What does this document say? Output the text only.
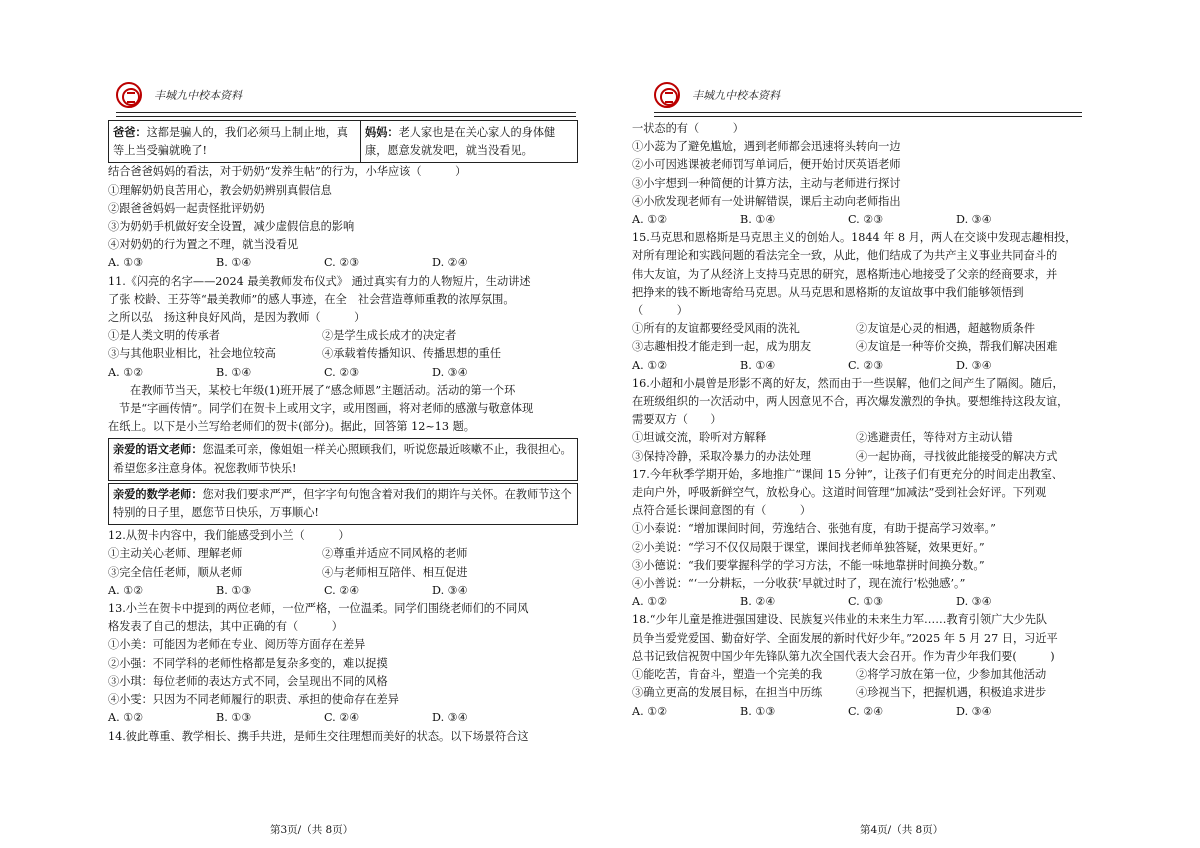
丰城九中校本资料
爸爸：这都是骗人的，我们必须马上制止地，真等上当受骗就晚了!
妈妈：老人家也是在关心家人的身体健康，愿意发就发吧，就当没看见。

结合爸爸妈妈的看法，对于奶奶“发养生帖”的行为，小华应该（　　　）

①理解奶奶良苦用心，教会奶奶辨别真假信息

②跟爸爸妈妈一起责怪批评奶奶

③为奶奶手机做好安全设置，减少虚假信息的影响

④对奶奶的行为置之不理，就当没看见

A. ①③	B. ①④	C. ②③	D. ②④

11.《闪亮的名字——2024 最美教师发布仪式》 通过真实有力的人物短片，生动讲述

了张 校龄、王芬等“最美教师”的感人事迹，在全　社会营造尊师重教的浓厚氛围。

之所以弘　扬这种良好风尚，是因为教师（　　　）

①是人类文明的传承者	②是学生成长成才的决定者

③与其他职业相比，社会地位较高	④承载着传播知识、传播思想的重任

A. ①②	B. ①④	C. ②③	D. ③④

在教师节当天，某校七年级(1)班开展了“感念师恩”主题活动。活动的第一个环

节是“字画传情”。同学们在贺卡上或用文字，或用图画，将对老师的感激与敬意体现

在纸上。以下是小兰写给老师们的贺卡(部分)。据此，回答第 12~13 题。

亲爱的语文老师：您温柔可亲，像姐姐一样关心照顾我们，听说您最近咳嗽不止，我很担心。希望您多注意身体。祝您教师节快乐!
亲爱的数学老师：您对我们要求严严，但字字句句饱含着对我们的期许与关怀。在教师节这个特别的日子里，愿您节日快乐，万事顺心!

12.从贺卡内容中，我们能感受到小兰（　　　）

①主动关心老师、理解老师	②尊重并适应不同风格的老师

③完全信任老师，顺从老师	④与老师相互陪伴、相互促进

A. ①②	B. ①③	C. ②④	D. ③④

13.小兰在贺卡中提到的两位老师，一位严格，一位温柔。同学们围绕老师们的不同风

格发表了自己的想法，其中正确的有（　　　）

①小美：可能因为老师在专业、阅历等方面存在差异

②小强：不同学科的老师性格都是复杂多变的，难以捉摸

③小琪：每位老师的表达方式不同，会呈现出不同的风格

④小雯：只因为不同老师履行的职责、承担的使命存在差异

A. ①②	B. ①③	C. ②④	D. ③④

14.彼此尊重、教学相长、携手共进，是师生交往理想而美好的状态。以下场景符合这

第3页/（共 8页）
丰城九中校本资料

一状态的有（　　　）

①小蕊为了避免尴尬，遇到老师都会迅速将头转向一边

②小可因逃课被老师罚写单词后，便开始讨厌英语老师

③小宇想到一种简便的计算方法，主动与老师进行探讨

④小欣发现老师有一处讲解错误，课后主动向老师指出

A. ①②	B. ①④	C. ②③	D. ③④

15.马克思和恩格斯是马克思主义的创始人。1844 年 8 月，两人在交谈中发现志趣相投，

对所有理论和实践问题的看法完全一致，从此，他们结成了为共产主义事业共同奋斗的

伟大友谊，为了从经济上支持马克思的研究，恩格斯违心地接受了父亲的经商要求，并

把挣来的钱不断地寄给马克思。从马克思和恩格斯的友谊故事中我们能够领悟到

（　　　）

①所有的友谊都要经受风雨的洗礼	②友谊是心灵的相遇，超越物质条件

③志趣相投才能走到一起，成为朋友	④友谊是一种等价交换，帮我们解决困难

A. ①②	B. ①④	C. ②③	D. ③④

16.小超和小晨曾是形影不离的好友，然而由于一些误解，他们之间产生了隔阂。随后，

在班级组织的一次活动中，两人因意见不合，再次爆发激烈的争执。要想维持这段友谊，

需要双方（　　）

①坦诚交流，聆听对方解释	②逃避责任，等待对方主动认错

③保持冷静，采取冷暴力的办法处理	④一起协商，寻找彼此能接受的解决方式

17.今年秋季学期开始，多地推广“课间 15 分钟”，让孩子们有更充分的时间走出教室、

走向户外，呼吸新鲜空气，放松身心。这道时间管理“加减法”受到社会好评。下列观

点符合延长课间意图的有（　　　）

①小泰说：“增加课间时间，劳逸结合、张弛有度，有助于提高学习效率。”

②小美说：“学习不仅仅局限于课堂，课间找老师单独答疑，效果更好。”

③小德说：“我们要掌握科学的学习方法，不能一味地靠拼时间换分数。”

④小善说：“‘一分耕耘，一分收获’早就过时了，现在流行‘松弛感’。”

A. ①②	B. ②④	C. ①③	D. ③④

18.“少年儿童是推进强国建设、民族复兴伟业的未来生力军……教育引领广大少先队

员争当爱党爱国、勤奋好学、全面发展的新时代好少年。”2025 年 5 月 27 日，习近平

总书记致信祝贺中国少年先锋队第九次全国代表大会召开。作为青少年我们要(　　　)

①能吃苦，肯奋斗，塑造一个完美的我	②将学习放在第一位，少参加其他活动

③确立更高的发展目标，在担当中历练	④珍视当下，把握机遇，积极追求进步

A. ①②	B. ①③	C. ②④	D. ③④

第4页/（共 8页）
